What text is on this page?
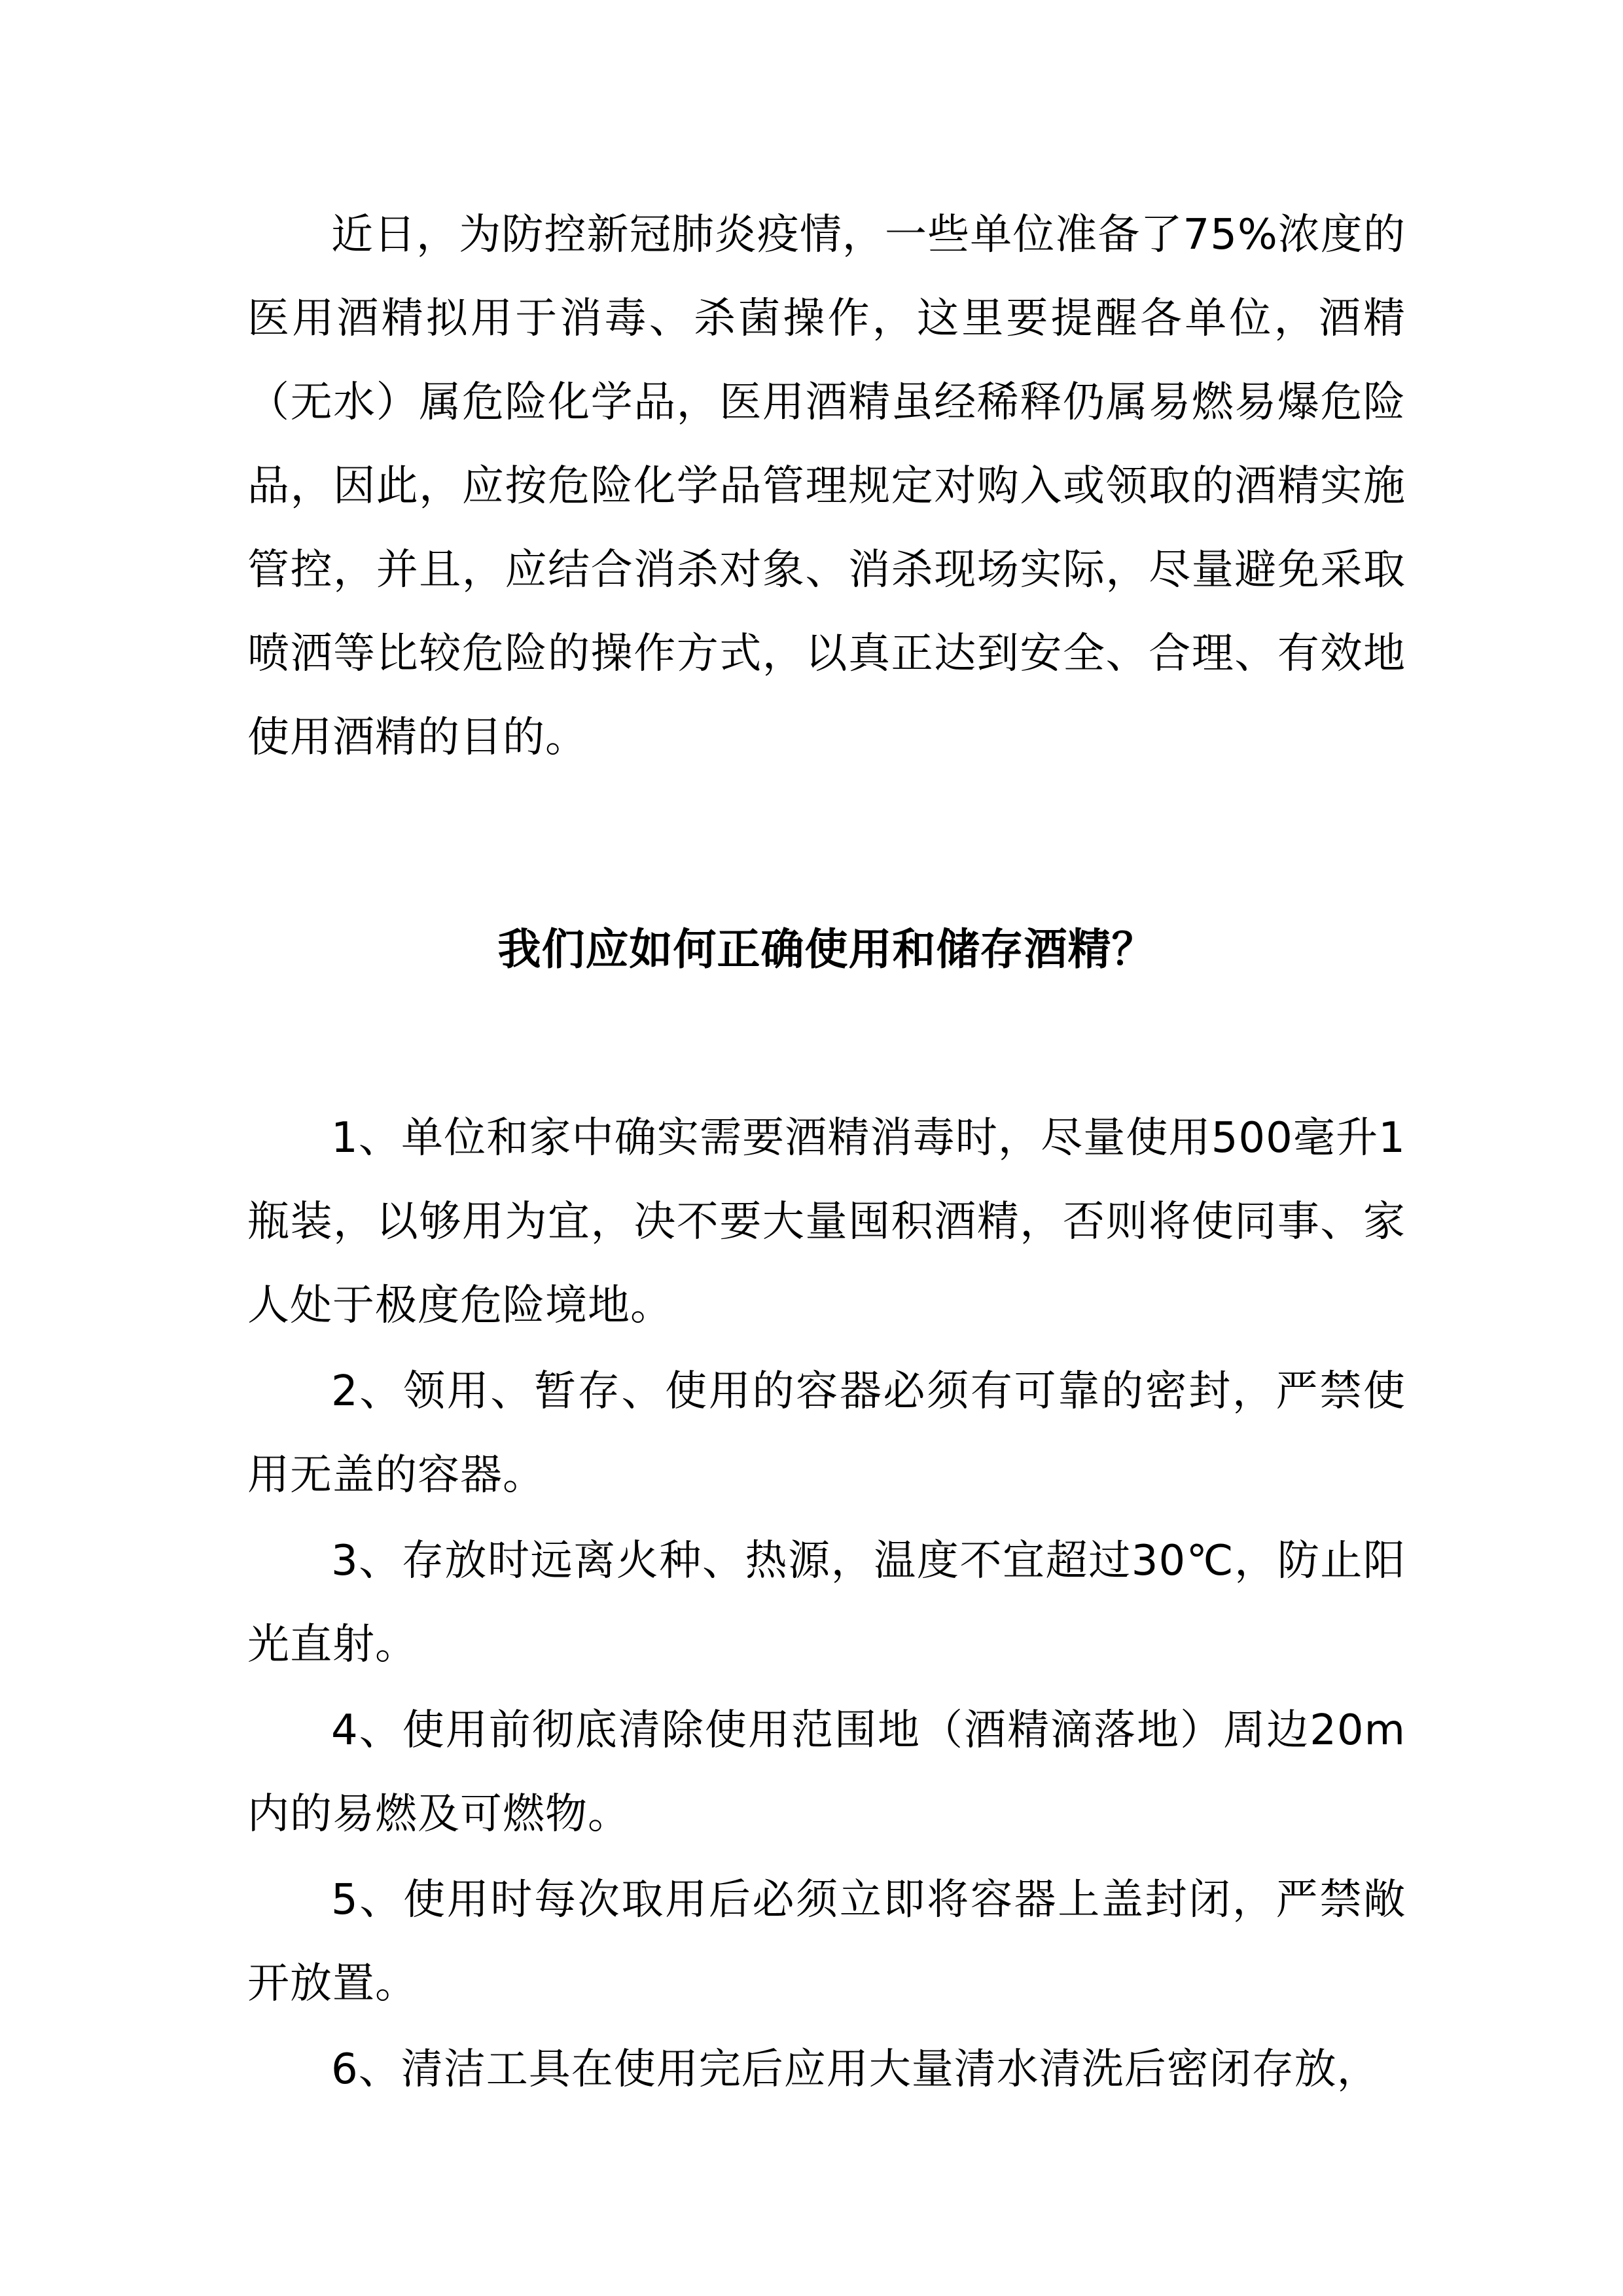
近日，为防控新冠肺炎疫情，一些单位准备了75%浓度的医用酒精拟用于消毒、杀菌操作，这里要提醒各单位，酒精（无水）属危险化学品，医用酒精虽经稀释仍属易燃易爆危险品，因此，应按危险化学品管理规定对购入或领取的酒精实施管控，并且，应结合消杀对象、消杀现场实际，尽量避免采取喷洒等比较危险的操作方式，以真正达到安全、合理、有效地使用酒精的目的。

我们应如何正确使用和储存酒精？

1、单位和家中确实需要酒精消毒时，尽量使用500毫升1瓶装，以够用为宜，决不要大量囤积酒精，否则将使同事、家人处于极度危险境地。

2、领用、暂存、使用的容器必须有可靠的密封，严禁使用无盖的容器。

3、存放时远离火种、热源，温度不宜超过30℃，防止阳光直射。

4、使用前彻底清除使用范围地（酒精滴落地）周边20m内的易燃及可燃物。

5、使用时每次取用后必须立即将容器上盖封闭，严禁敞开放置。

6、清洁工具在使用完后应用大量清水清洗后密闭存放，
